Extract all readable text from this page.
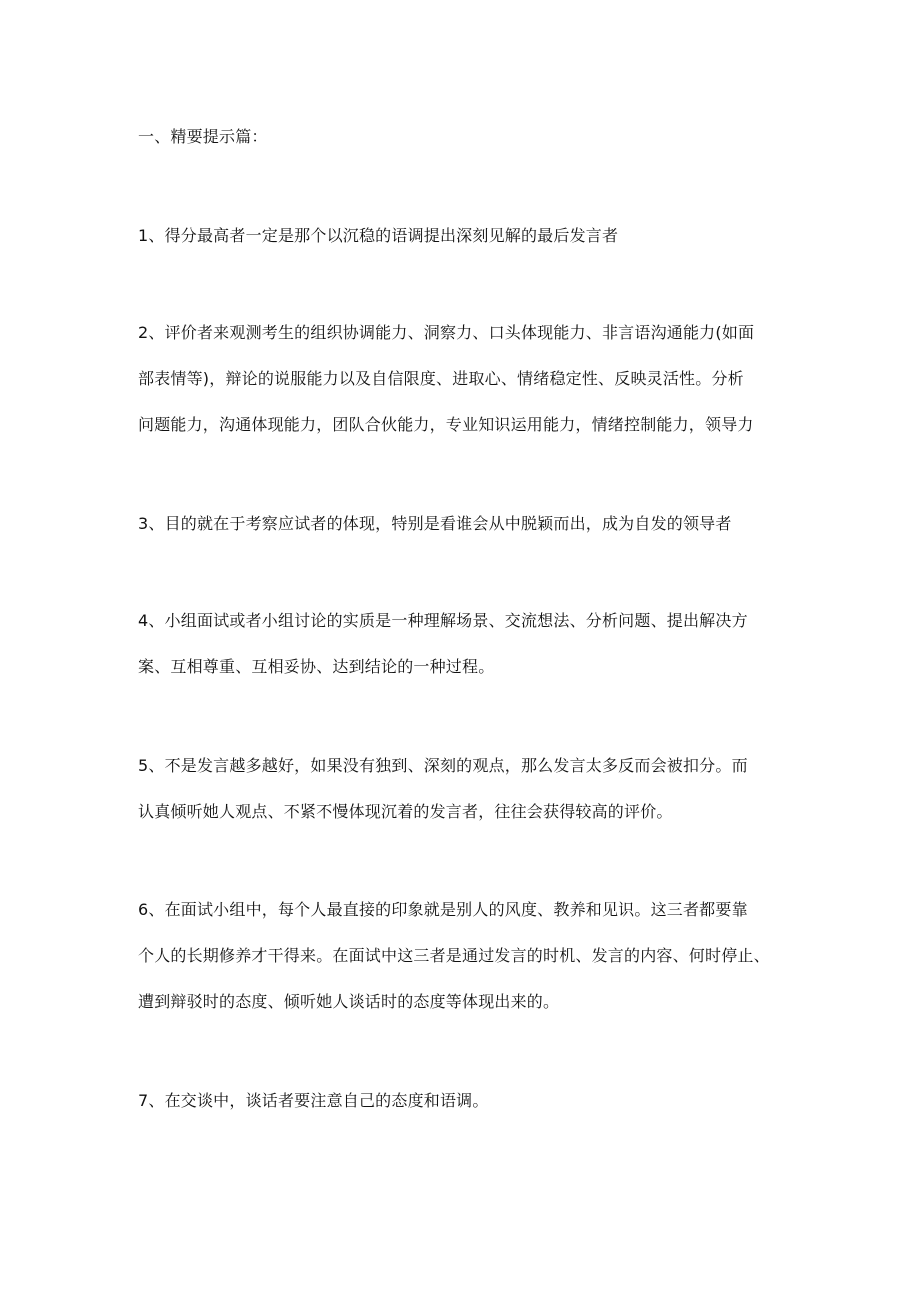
一、精要提示篇：
1、得分最高者一定是那个以沉稳的语调提出深刻见解的最后发言者
2、评价者来观测考生的组织协调能力、洞察力、口头体现能力、非言语沟通能力(如面
部表情等)，辩论的说服能力以及自信限度、进取心、情绪稳定性、反映灵活性。分析
问题能力，沟通体现能力，团队合伙能力，专业知识运用能力，情绪控制能力，领导力
3、目的就在于考察应试者的体现，特别是看谁会从中脱颖而出，成为自发的领导者
4、小组面试或者小组讨论的实质是一种理解场景、交流想法、分析问题、提出解决方
案、互相尊重、互相妥协、达到结论的一种过程。
5、不是发言越多越好，如果没有独到、深刻的观点，那么发言太多反而会被扣分。而
认真倾听她人观点、不紧不慢体现沉着的发言者，往往会获得较高的评价。
6、在面试小组中，每个人最直接的印象就是别人的风度、教养和见识。这三者都要靠
个人的长期修养才干得来。在面试中这三者是通过发言的时机、发言的内容、何时停止、
遭到辩驳时的态度、倾听她人谈话时的态度等体现出来的。
7、在交谈中，谈话者要注意自己的态度和语调。
